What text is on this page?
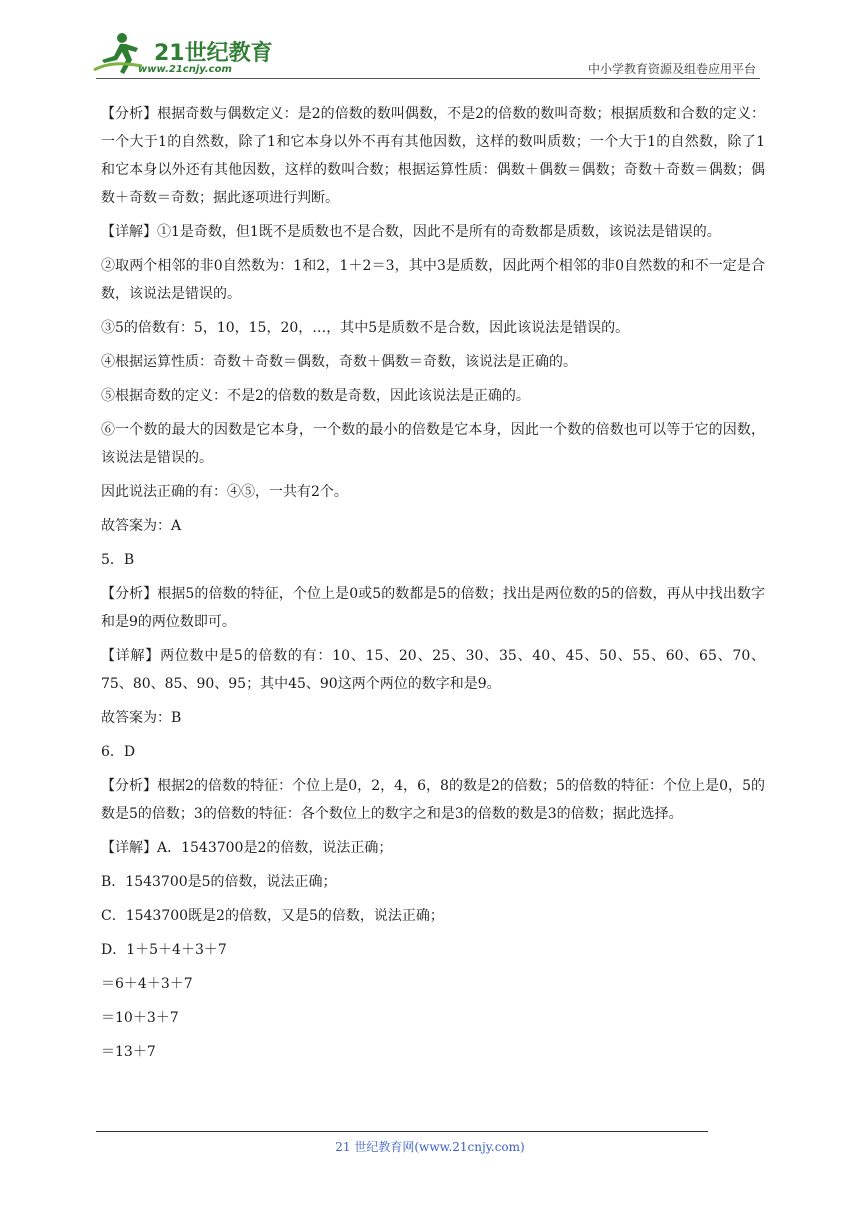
21世纪教育
www.21cnjy.com	中小学教育资源及组卷应用平台

【分析】根据奇数与偶数定义：是2的倍数的数叫偶数，不是2的倍数的数叫奇数；根据质数和合数的定义：一个大于1的自然数，除了1和它本身以外不再有其他因数，这样的数叫质数；一个大于1的自然数，除了1和它本身以外还有其他因数，这样的数叫合数；根据运算性质：偶数＋偶数＝偶数；奇数＋奇数＝偶数；偶数＋奇数＝奇数；据此逐项进行判断。

【详解】①1是奇数，但1既不是质数也不是合数，因此不是所有的奇数都是质数，该说法是错误的。

②取两个相邻的非0自然数为：1和2，1＋2＝3，其中3是质数，因此两个相邻的非0自然数的和不一定是合数，该说法是错误的。

③5的倍数有：5，10，15，20，…，其中5是质数不是合数，因此该说法是错误的。

④根据运算性质：奇数＋奇数＝偶数，奇数＋偶数＝奇数，该说法是正确的。

⑤根据奇数的定义：不是2的倍数的数是奇数，因此该说法是正确的。

⑥一个数的最大的因数是它本身，一个数的最小的倍数是它本身，因此一个数的倍数也可以等于它的因数，该说法是错误的。

因此说法正确的有：④⑤，一共有2个。

故答案为：A

5．B

【分析】根据5的倍数的特征，个位上是0或5的数都是5的倍数；找出是两位数的5的倍数，再从中找出数字和是9的两位数即可。

【详解】两位数中是5的倍数的有：10、15、20、25、30、35、40、45、50、55、60、65、70、75、80、85、90、95；其中45、90这两个两位的数字和是9。

故答案为：B

6．D

【分析】根据2的倍数的特征：个位上是0，2，4，6，8的数是2的倍数；5的倍数的特征：个位上是0，5的数是5的倍数；3的倍数的特征：各个数位上的数字之和是3的倍数的数是3的倍数；据此选择。

【详解】A．1543700是2的倍数，说法正确；

B．1543700是5的倍数，说法正确；

C．1543700既是2的倍数，又是5的倍数，说法正确；

D．1＋5＋4＋3＋7

＝6＋4＋3＋7

＝10＋3＋7

＝13＋7

21 世纪教育网(www.21cnjy.com)
